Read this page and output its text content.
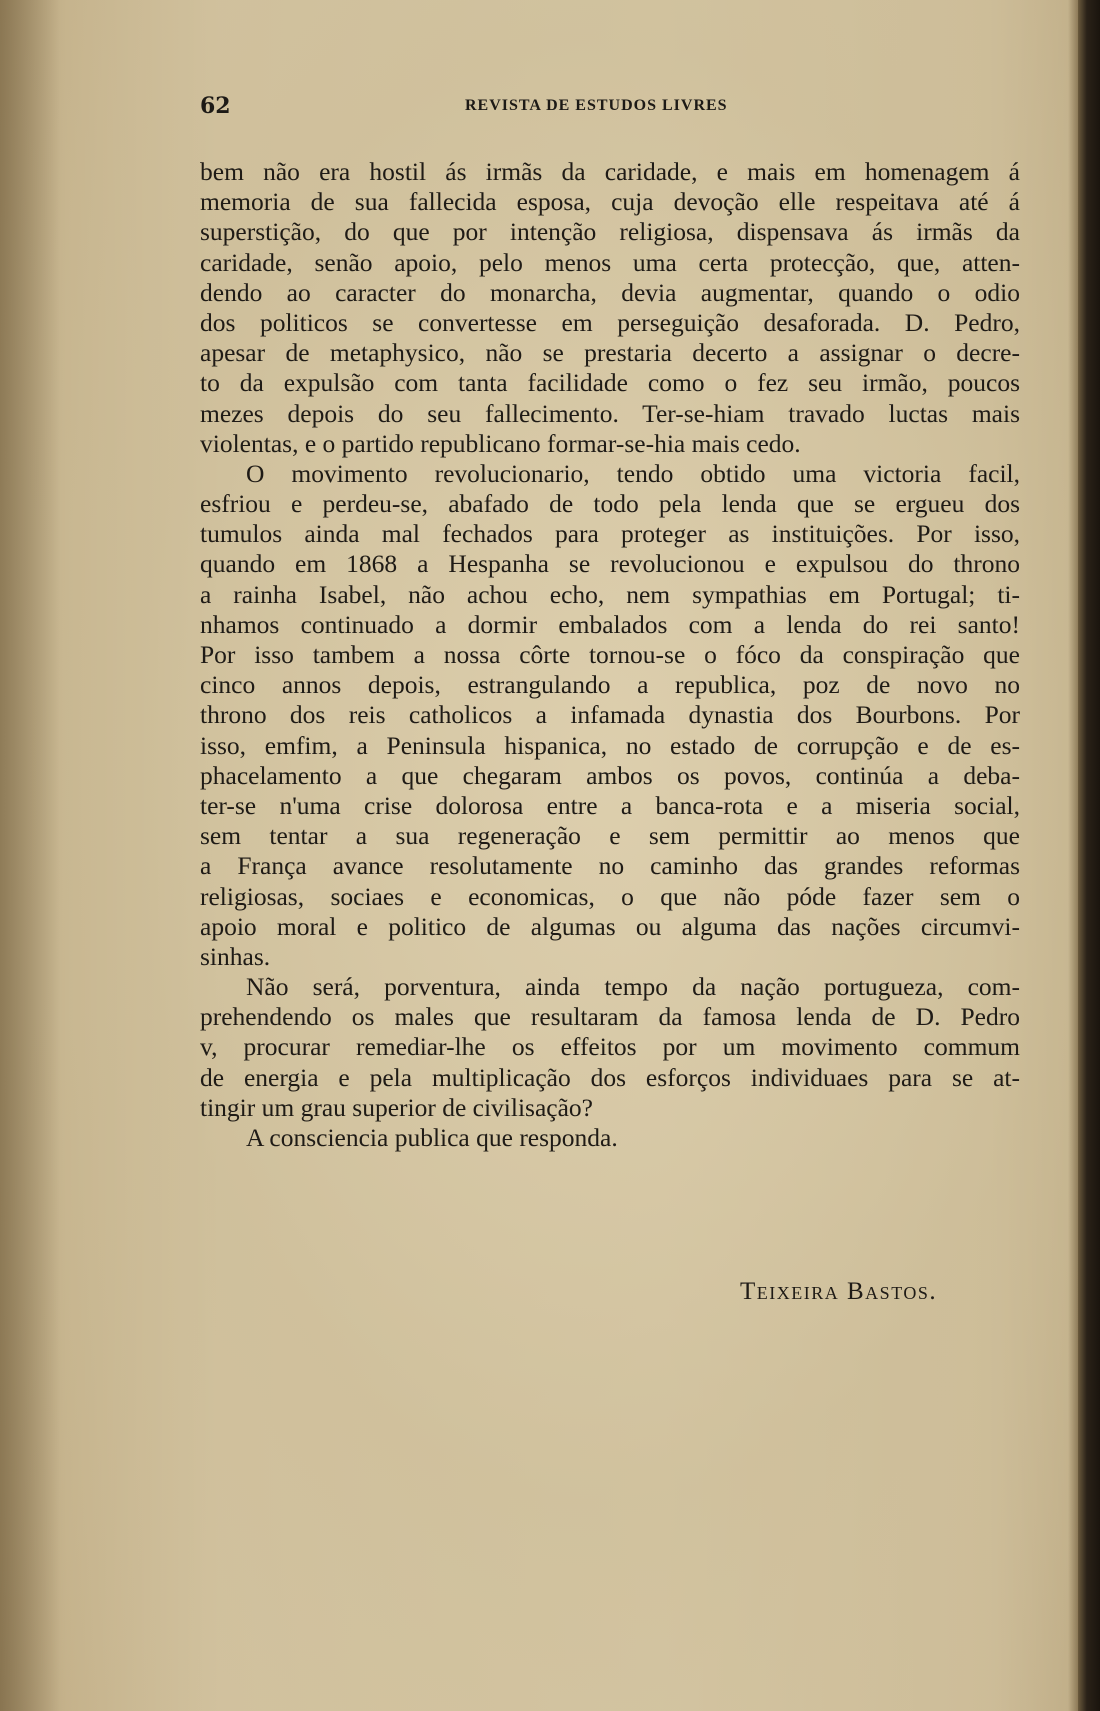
62	REVISTA DE ESTUDOS LIVRES
bem não era hostil ás irmãs da caridade, e mais em homenagem á
memoria de sua fallecida esposa, cuja devoção elle respeitava até á
superstição, do que por intenção religiosa, dispensava ás irmãs da
caridade, senão apoio, pelo menos uma certa protecção, que, atten-
dendo ao caracter do monarcha, devia augmentar, quando o odio
dos politicos se convertesse em perseguição desaforada. D. Pedro,
apesar de metaphysico, não se prestaria decerto a assignar o decre-
to da expulsão com tanta facilidade como o fez seu irmão, poucos
mezes depois do seu fallecimento. Ter-se-hiam travado luctas mais
violentas, e o partido republicano formar-se-hia mais cedo.
O movimento revolucionario, tendo obtido uma victoria facil,
esfriou e perdeu-se, abafado de todo pela lenda que se ergueu dos
tumulos ainda mal fechados para proteger as instituições. Por isso,
quando em 1868 a Hespanha se revolucionou e expulsou do throno
a rainha Isabel, não achou echo, nem sympathias em Portugal; ti-
nhamos continuado a dormir embalados com a lenda do rei santo!
Por isso tambem a nossa côrte tornou-se o fóco da conspiração que
cinco annos depois, estrangulando a republica, poz de novo no
throno dos reis catholicos a infamada dynastia dos Bourbons. Por
isso, emfim, a Peninsula hispanica, no estado de corrupção e de es-
phacelamento a que chegaram ambos os povos, continúa a deba-
ter-se n'uma crise dolorosa entre a banca-rota e a miseria social,
sem tentar a sua regeneração e sem permittir ao menos que
a França avance resolutamente no caminho das grandes reformas
religiosas, sociaes e economicas, o que não póde fazer sem o
apoio moral e politico de algumas ou alguma das nações circumvi-
sinhas.
Não será, porventura, ainda tempo da nação portugueza, com-
prehendendo os males que resultaram da famosa lenda de D. Pedro
v, procurar remediar-lhe os effeitos por um movimento commum
de energia e pela multiplicação dos esforços individuaes para se at-
tingir um grau superior de civilisação?
A consciencia publica que responda.
Teixeira Bastos.
